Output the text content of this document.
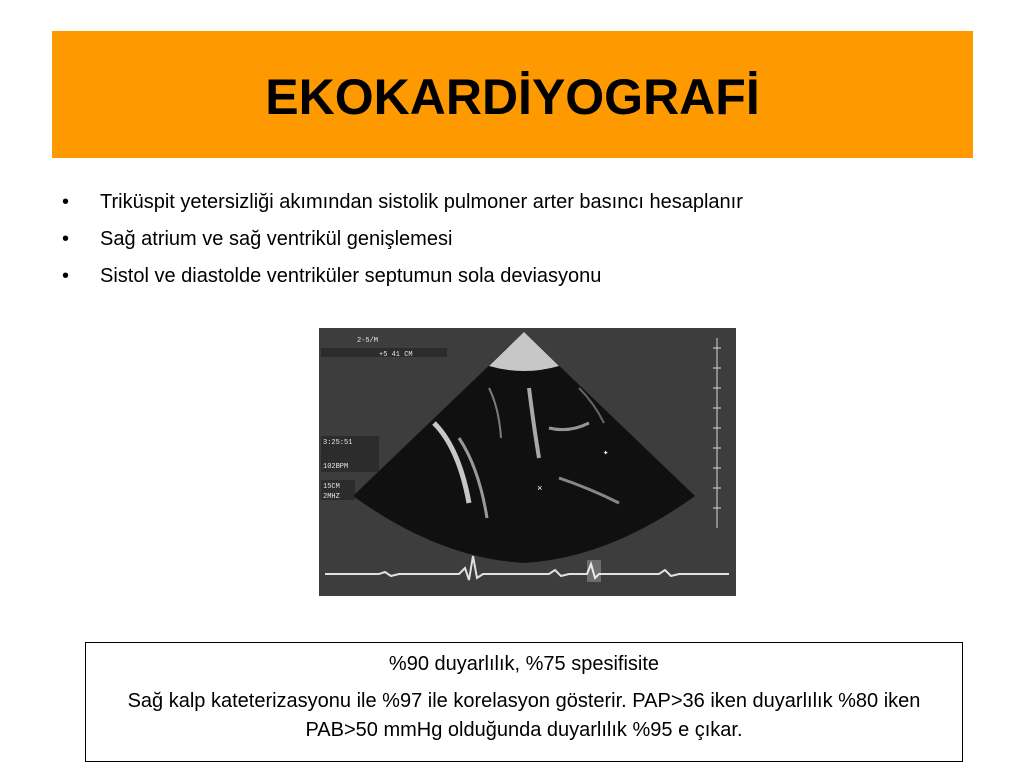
EKOKARDİYOGRAFİ
• Triküspit yetersizliği akımından sistolik pulmoner arter basıncı hesaplanır
• Sağ atrium ve sağ ventrikül genişlemesi
• Sistol ve diastolde ventriküler septumun sola deviasyonu
✦
×
2-5/M
+5 41 CM
3:25:51
102BPM
15CM
2MHZ
%90 duyarlılık, %75 spesifisite
Sağ kalp kateterizasyonu ile %97 ile korelasyon gösterir. PAP>36 iken duyarlılık %80 iken PAB>50 mmHg olduğunda duyarlılık %95 e çıkar.
